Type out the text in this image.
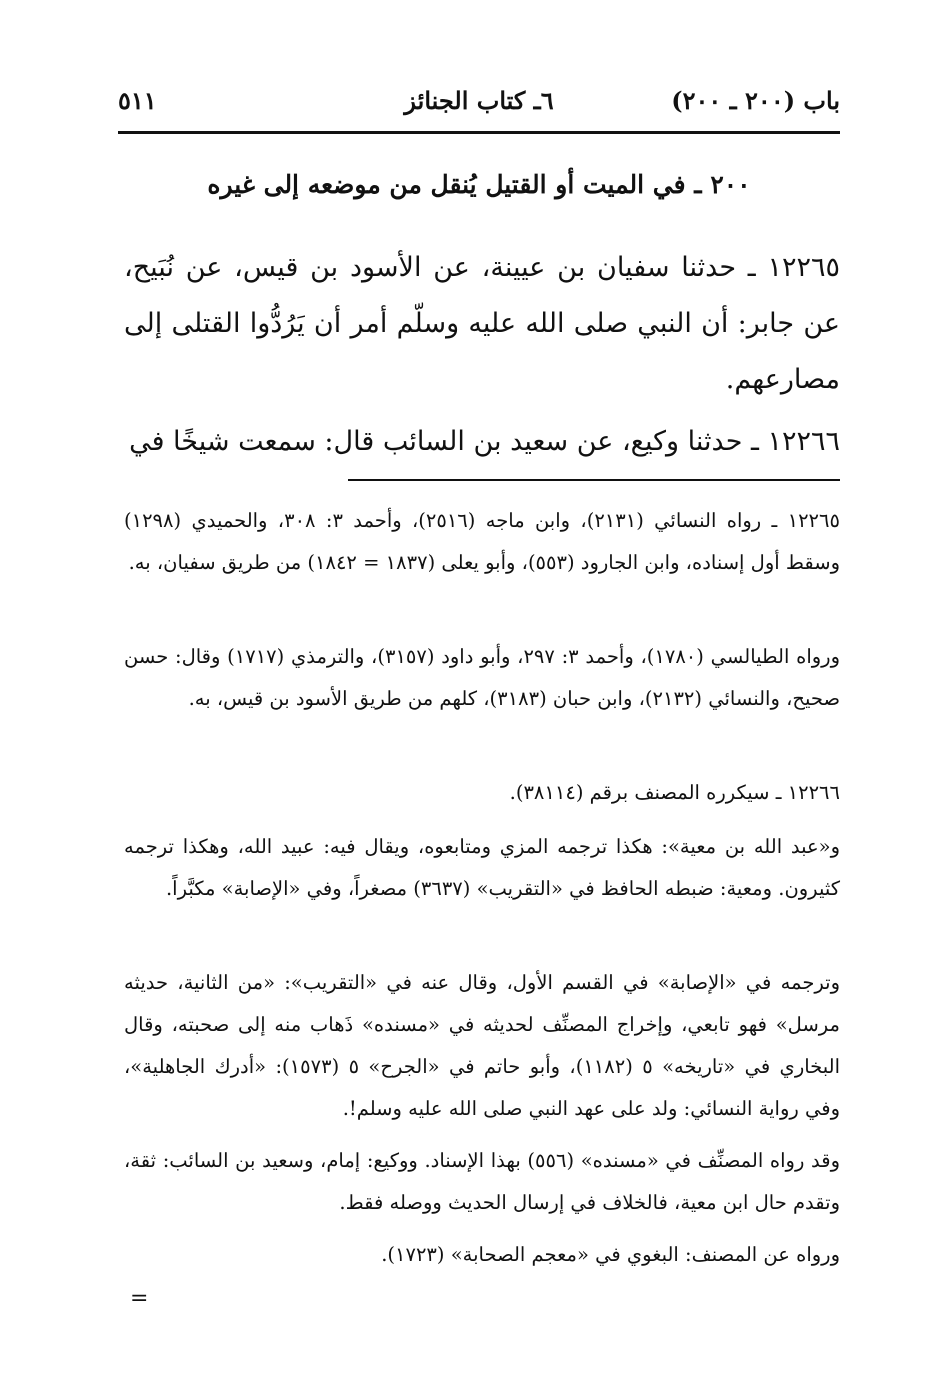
باب (٢٠٠ ـ ٢٠٠)
٦ـ كتاب الجنائز
٥١١
٢٠٠ ـ في الميت أو القتيل يُنقل من موضعه إلى غيره

١٢٢٦٥ ـ حدثنا سفيان بن عيينة، عن الأسود بن قيس، عن نُبَيح، عن جابر: أن النبي صلى الله عليه وسلّم أمر أن يَرُدُّوا القتلى إلى مصارعهم.

١٢٢٦٦ ـ حدثنا وكيع، عن سعيد بن السائب قال: سمعت شيخًا في

١٢٢٦٥ ـ رواه النسائي (٢١٣١)، وابن ماجه (٢٥١٦)، وأحمد ٣: ٣٠٨، والحميدي (١٢٩٨) وسقط أول إسناده، وابن الجارود (٥٥٣)، وأبو يعلى (١٨٣٧ = ١٨٤٢) من طريق سفيان، به.

ورواه الطيالسي (١٧٨٠)، وأحمد ٣: ٢٩٧، وأبو داود (٣١٥٧)، والترمذي (١٧١٧) وقال: حسن صحيح، والنسائي (٢١٣٢)، وابن حبان (٣١٨٣)، كلهم من طريق الأسود بن قيس، به.

١٢٢٦٦ ـ سيكرره المصنف برقم (٣٨١١٤).

و«عبد الله بن معية»: هكذا ترجمه المزي ومتابعوه، ويقال فيه: عبيد الله، وهكذا ترجمه كثيرون. ومعية: ضبطه الحافظ في «التقريب» (٣٦٣٧) مصغراً، وفي «الإصابة» مكبَّراً.

وترجمه في «الإصابة» في القسم الأول، وقال عنه في «التقريب»: «من الثانية، حديثه مرسل» فهو تابعي، وإخراج المصنِّف لحديثه في «مسنده» ذَهاب منه إلى صحبته، وقال البخاري في «تاريخه» ٥ (١١٨٢)، وأبو حاتم في «الجرح» ٥ (١٥٧٣): «أدرك الجاهلية»، وفي رواية النسائي: ولد على عهد النبي صلى الله عليه وسلم!.

وقد رواه المصنِّف في «مسنده» (٥٥٦) بهذا الإسناد. ووكيع: إمام، وسعيد بن السائب: ثقة، وتقدم حال ابن معية، فالخلاف في إرسال الحديث ووصله فقط.

ورواه عن المصنف: البغوي في «معجم الصحابة» (١٧٢٣).

=
